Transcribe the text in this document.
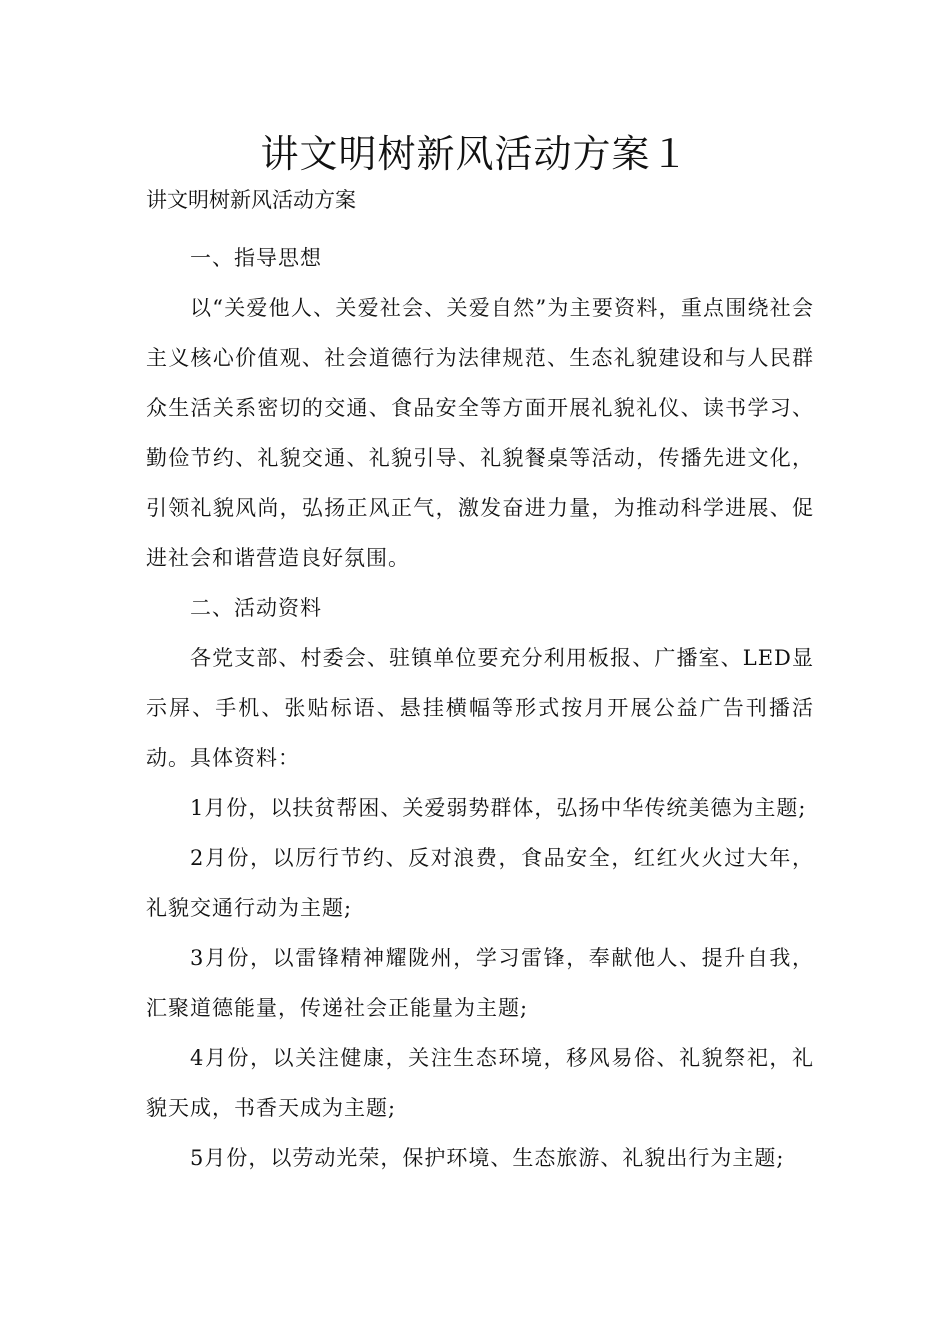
讲文明树新风活动方案１

讲文明树新风活动方案

一、指导思想

以“关爱他人、关爱社会、关爱自然”为主要资料，重点围绕社会主义核心价值观、社会道德行为法律规范、生态礼貌建设和与人民群众生活关系密切的交通、食品安全等方面开展礼貌礼仪、读书学习、勤俭节约、礼貌交通、礼貌引导、礼貌餐桌等活动，传播先进文化，引领礼貌风尚，弘扬正风正气，激发奋进力量，为推动科学进展、促进社会和谐营造良好氛围。

二、活动资料

各党支部、村委会、驻镇单位要充分利用板报、广播室、LED显示屏、手机、张贴标语、悬挂横幅等形式按月开展公益广告刊播活动。具体资料：

1月份，以扶贫帮困、关爱弱势群体，弘扬中华传统美德为主题;

2月份，以厉行节约、反对浪费，食品安全，红红火火过大年，礼貌交通行动为主题;

3月份，以雷锋精神耀陇州，学习雷锋，奉献他人、提升自我，汇聚道德能量，传递社会正能量为主题;

4月份，以关注健康，关注生态环境，移风易俗、礼貌祭祀，礼貌天成，书香天成为主题;

5月份，以劳动光荣，保护环境、生态旅游、礼貌出行为主题;
